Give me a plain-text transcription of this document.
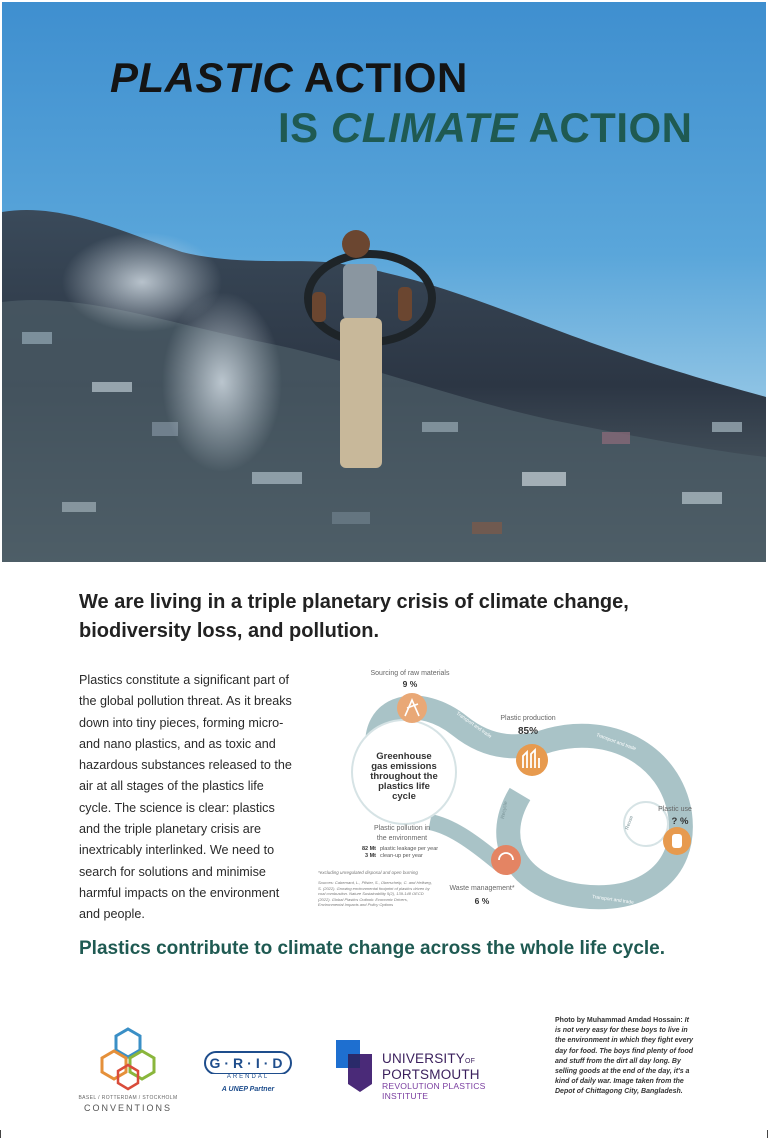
PLASTIC ACTION
IS CLIMATE ACTION
We are living in a triple planetary crisis of climate change, biodiversity loss, and pollution.

Plastics constitute a significant part of the global pollution threat. As it breaks down into tiny pieces, forming micro- and nano plastics, and as toxic and hazardous substances released to the air at all stages of the plastics life cycle. The science is clear: plastics and the triple planetary crisis are inextricably interlinked. We need to search for solutions and minimise harmful impacts on the environment and people.

Greenhouse
gas emissions
throughout the
plastics life
cycle
Sourcing of raw materials
9 %
Plastic production
85%
Plastic use
? %
Reuse
Waste management*
6 %
Recycle
Transport and trade
Transport and trade
Transport and trade
Plastic pollution in
the environment
82 Mt plastic leakage per year
3 Mt clean-up per year
*excluding unregulated disposal and open burning
Sources: Cabernard, L., Pfister, S., Oberschelp, C. and Hellweg, S. (2022). Growing environmental footprint of plastics driven by coal combustion. Nature Sustainability 5(2), 139-148 OECD (2022). Global Plastics Outlook: Economic Drivers, Environmental Impacts and Policy Options
Plastics contribute to climate change across the whole life cycle.
BASEL / ROTTERDAM / STOCKHOLM
CONVENTIONS
G·R·I·D
ARENDAL
A UNEP Partner
UNIVERSITYOF
PORTSMOUTH
REVOLUTION PLASTICS
INSTITUTE
Photo by Muhammad Amdad Hossain: It is not very easy for these boys to live in the environment in which they fight every day for food. The boys find plenty of food and stuff from the dirt all day long. By selling goods at the end of the day, it's a kind of daily war. Image taken from the Depot of Chittagong City, Bangladesh.
